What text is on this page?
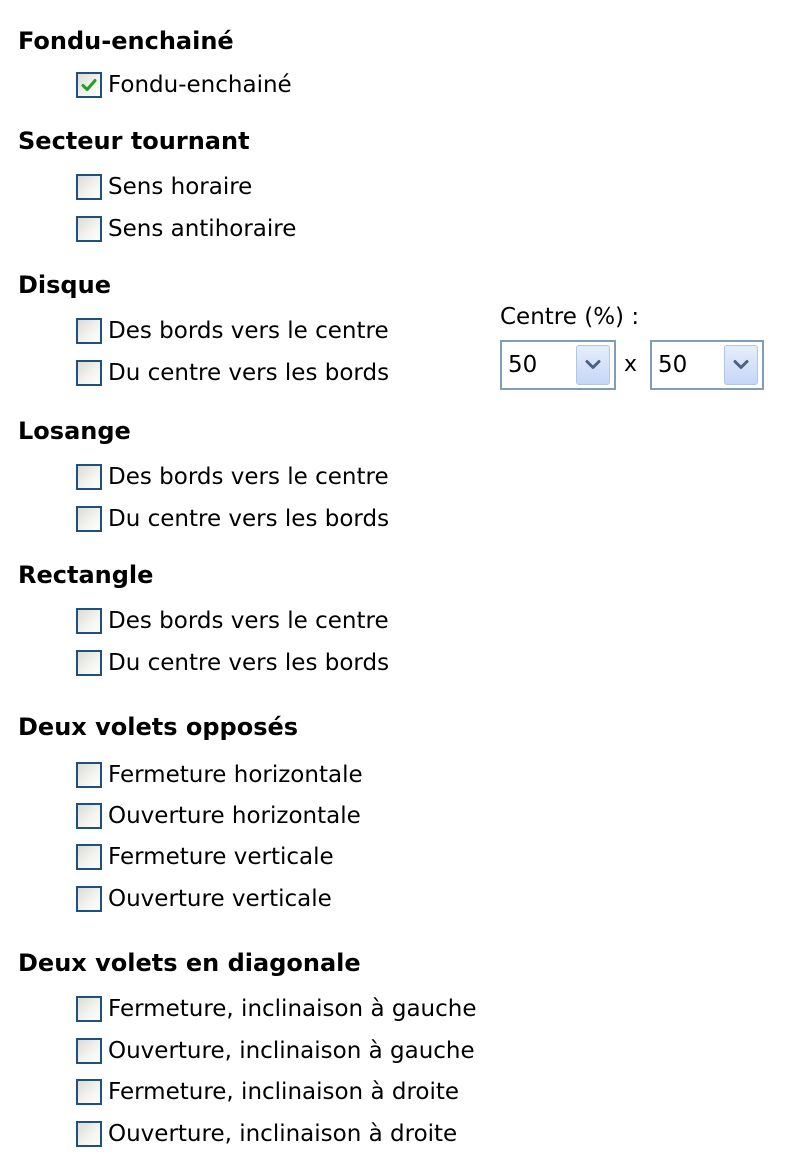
Fondu-enchainé
Fondu-enchainé
Secteur tournant
Sens horaire
Sens antihoraire
Disque
Des bords vers le centre
Du centre vers les bords
Centre (%) :
50	x 50
Losange
Des bords vers le centre
Du centre vers les bords
Rectangle
Des bords vers le centre
Du centre vers les bords
Deux volets opposés
Fermeture horizontale
Ouverture horizontale
Fermeture verticale
Ouverture verticale
Deux volets en diagonale
Fermeture, inclinaison à gauche
Ouverture, inclinaison à gauche
Fermeture, inclinaison à droite
Ouverture, inclinaison à droite
